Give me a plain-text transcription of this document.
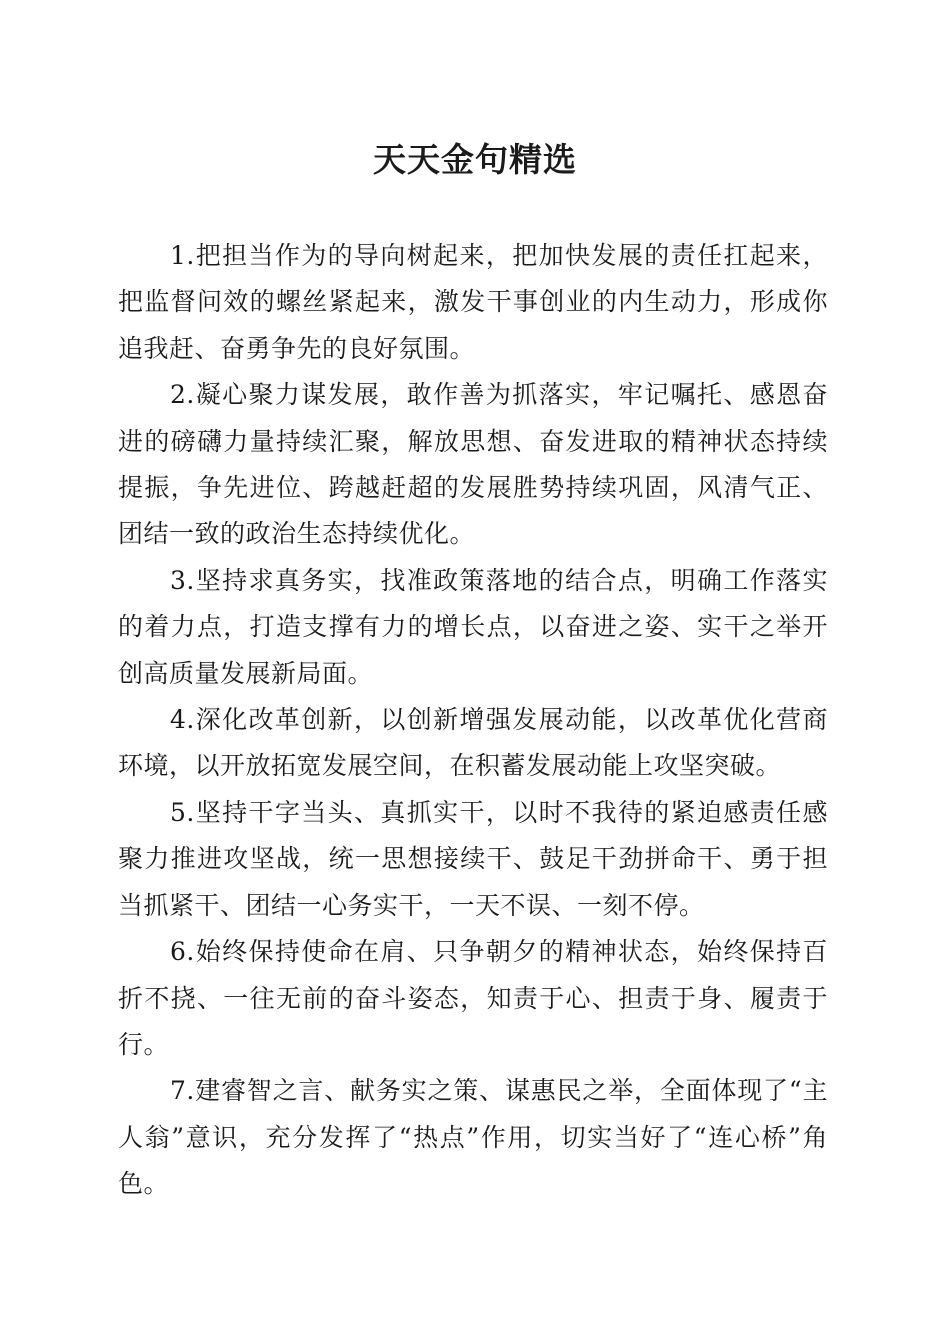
天天金句精选

1.把担当作为的导向树起来，把加快发展的责任扛起来，把监督问效的螺丝紧起来，激发干事创业的内生动力，形成你追我赶、奋勇争先的良好氛围。

2.凝心聚力谋发展，敢作善为抓落实，牢记嘱托、感恩奋进的磅礴力量持续汇聚，解放思想、奋发进取的精神状态持续提振，争先进位、跨越赶超的发展胜势持续巩固，风清气正、团结一致的政治生态持续优化。

3.坚持求真务实，找准政策落地的结合点，明确工作落实的着力点，打造支撑有力的增长点，以奋进之姿、实干之举开创高质量发展新局面。

4.深化改革创新，以创新增强发展动能，以改革优化营商环境，以开放拓宽发展空间，在积蓄发展动能上攻坚突破。

5.坚持干字当头、真抓实干，以时不我待的紧迫感责任感聚力推进攻坚战，统一思想接续干、鼓足干劲拼命干、勇于担当抓紧干、团结一心务实干，一天不误、一刻不停。

6.始终保持使命在肩、只争朝夕的精神状态，始终保持百折不挠、一往无前的奋斗姿态，知责于心、担责于身、履责于行。

7.建睿智之言、献务实之策、谋惠民之举，全面体现了“主人翁”意识，充分发挥了“热点”作用，切实当好了“连心桥”角色。
